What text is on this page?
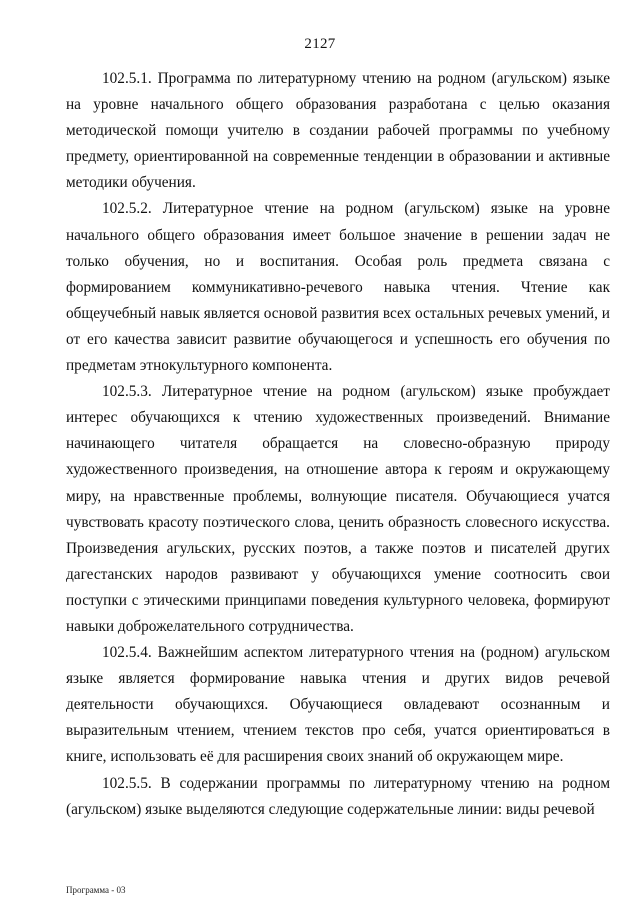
2127

102.5.1. Программа по литературному чтению на родном (агульском) языке на уровне начального общего образования разработана с целью оказания методической помощи учителю в создании рабочей программы по учебному предмету, ориентированной на современные тенденции в образовании и активные методики обучения.

102.5.2. Литературное чтение на родном (агульском) языке на уровне начального общего образования имеет большое значение в решении задач не только обучения, но и воспитания. Особая роль предмета связана с формированием коммуникативно-речевого навыка чтения. Чтение как общеучебный навык является основой развития всех остальных речевых умений, и от его качества зависит развитие обучающегося и успешность его обучения по предметам этнокультурного компонента.

102.5.3. Литературное чтение на родном (агульском) языке пробуждает интерес обучающихся к чтению художественных произведений. Внимание начинающего читателя обращается на словесно-образную природу художественного произведения, на отношение автора к героям и окружающему миру, на нравственные проблемы, волнующие писателя. Обучающиеся учатся чувствовать красоту поэтического слова, ценить образность словесного искусства. Произведения агульских, русских поэтов, а также поэтов и писателей других дагестанских народов развивают у обучающихся умение соотносить свои поступки с этическими принципами поведения культурного человека, формируют навыки доброжелательного сотрудничества.

102.5.4. Важнейшим аспектом литературного чтения на (родном) агульском языке является формирование навыка чтения и других видов речевой деятельности обучающихся. Обучающиеся овладевают осознанным и выразительным чтением, чтением текстов про себя, учатся ориентироваться в книге, использовать её для расширения своих знаний об окружающем мире.

102.5.5. В содержании программы по литературному чтению на родном (агульском) языке выделяются следующие содержательные линии: виды речевой

Программа - 03
